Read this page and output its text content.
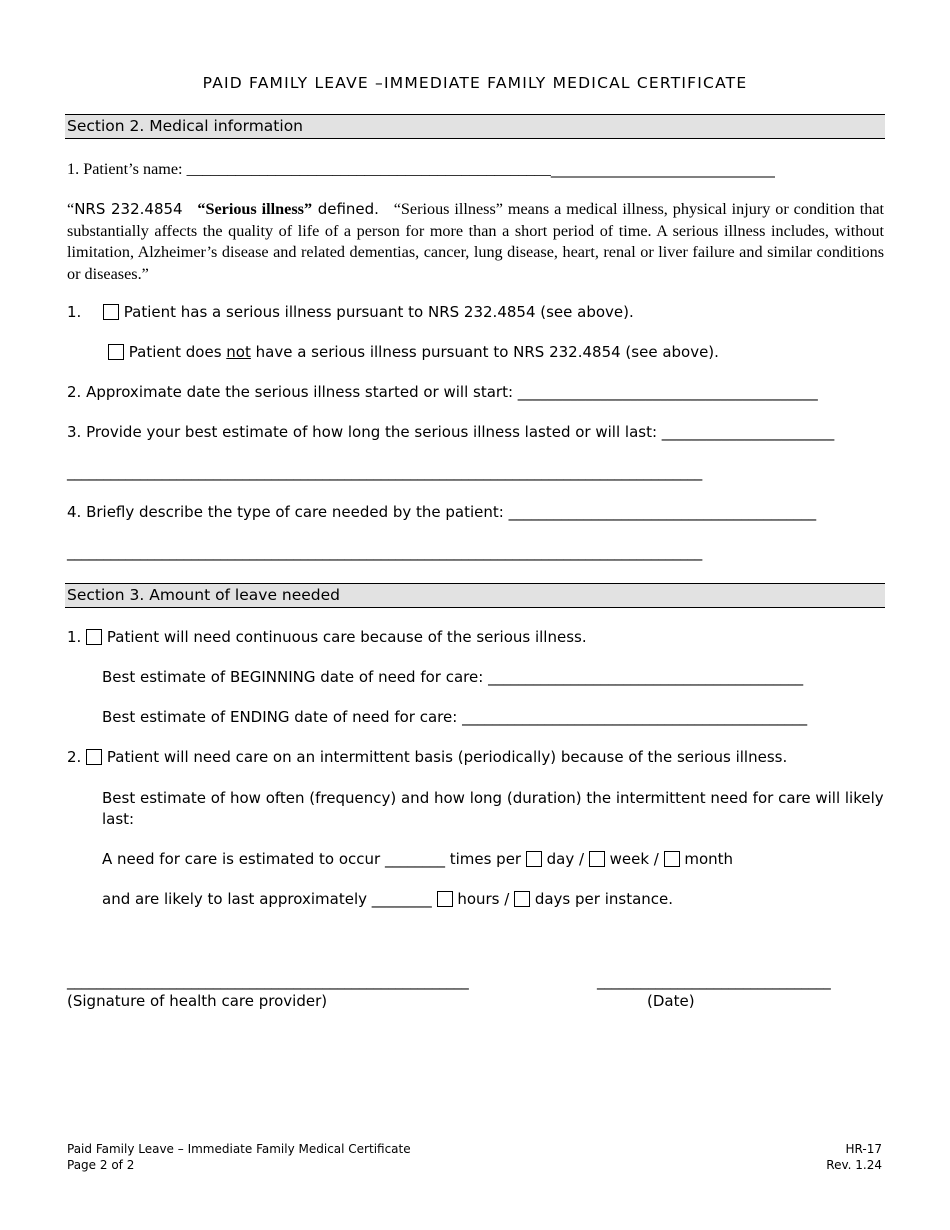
PAID FAMILY LEAVE –IMMEDIATE FAMILY MEDICAL CERTIFICATE
Section 2. Medical information
1. Patient’s name: _____________________________________________________________________________
“NRS 232.4854 “Serious illness” defined. “Serious illness” means a medical illness, physical injury or condition that substantially affects the quality of life of a person for more than a short period of time. A serious illness includes, without limitation, Alzheimer’s disease and related dementias, cancer, lung disease, heart, renal or liver failure and similar conditions or diseases.”
1.	Patient has a serious illness pursuant to NRS 232.4854 (see above).
Patient does not have a serious illness pursuant to NRS 232.4854 (see above).
2. Approximate date the serious illness started or will start: ________________________________________
3. Provide your best estimate of how long the serious illness lasted or will last: _______________________
_______________________________________________________________________________________
4. Briefly describe the type of care needed by the patient: _________________________________________
_______________________________________________________________________________________
Section 3. Amount of leave needed
1. Patient will need continuous care because of the serious illness.
Best estimate of BEGINNING date of need for care: __________________________________________
Best estimate of ENDING date of need for care: ______________________________________________
2. Patient will need care on an intermittent basis (periodically) because of the serious illness.
Best estimate of how often (frequency) and how long (duration) the intermittent need for care will likely
last:
A need for care is estimated to occur ________ times per  day /  week /  month
and are likely to last approximately ________  hours /  days per instance.
_______________________________________________________	________________________________
(Signature of health care provider)	(Date)
Paid Family Leave – Immediate Family Medical Certificate
Page 2 of 2
HR-17
Rev. 1.24
